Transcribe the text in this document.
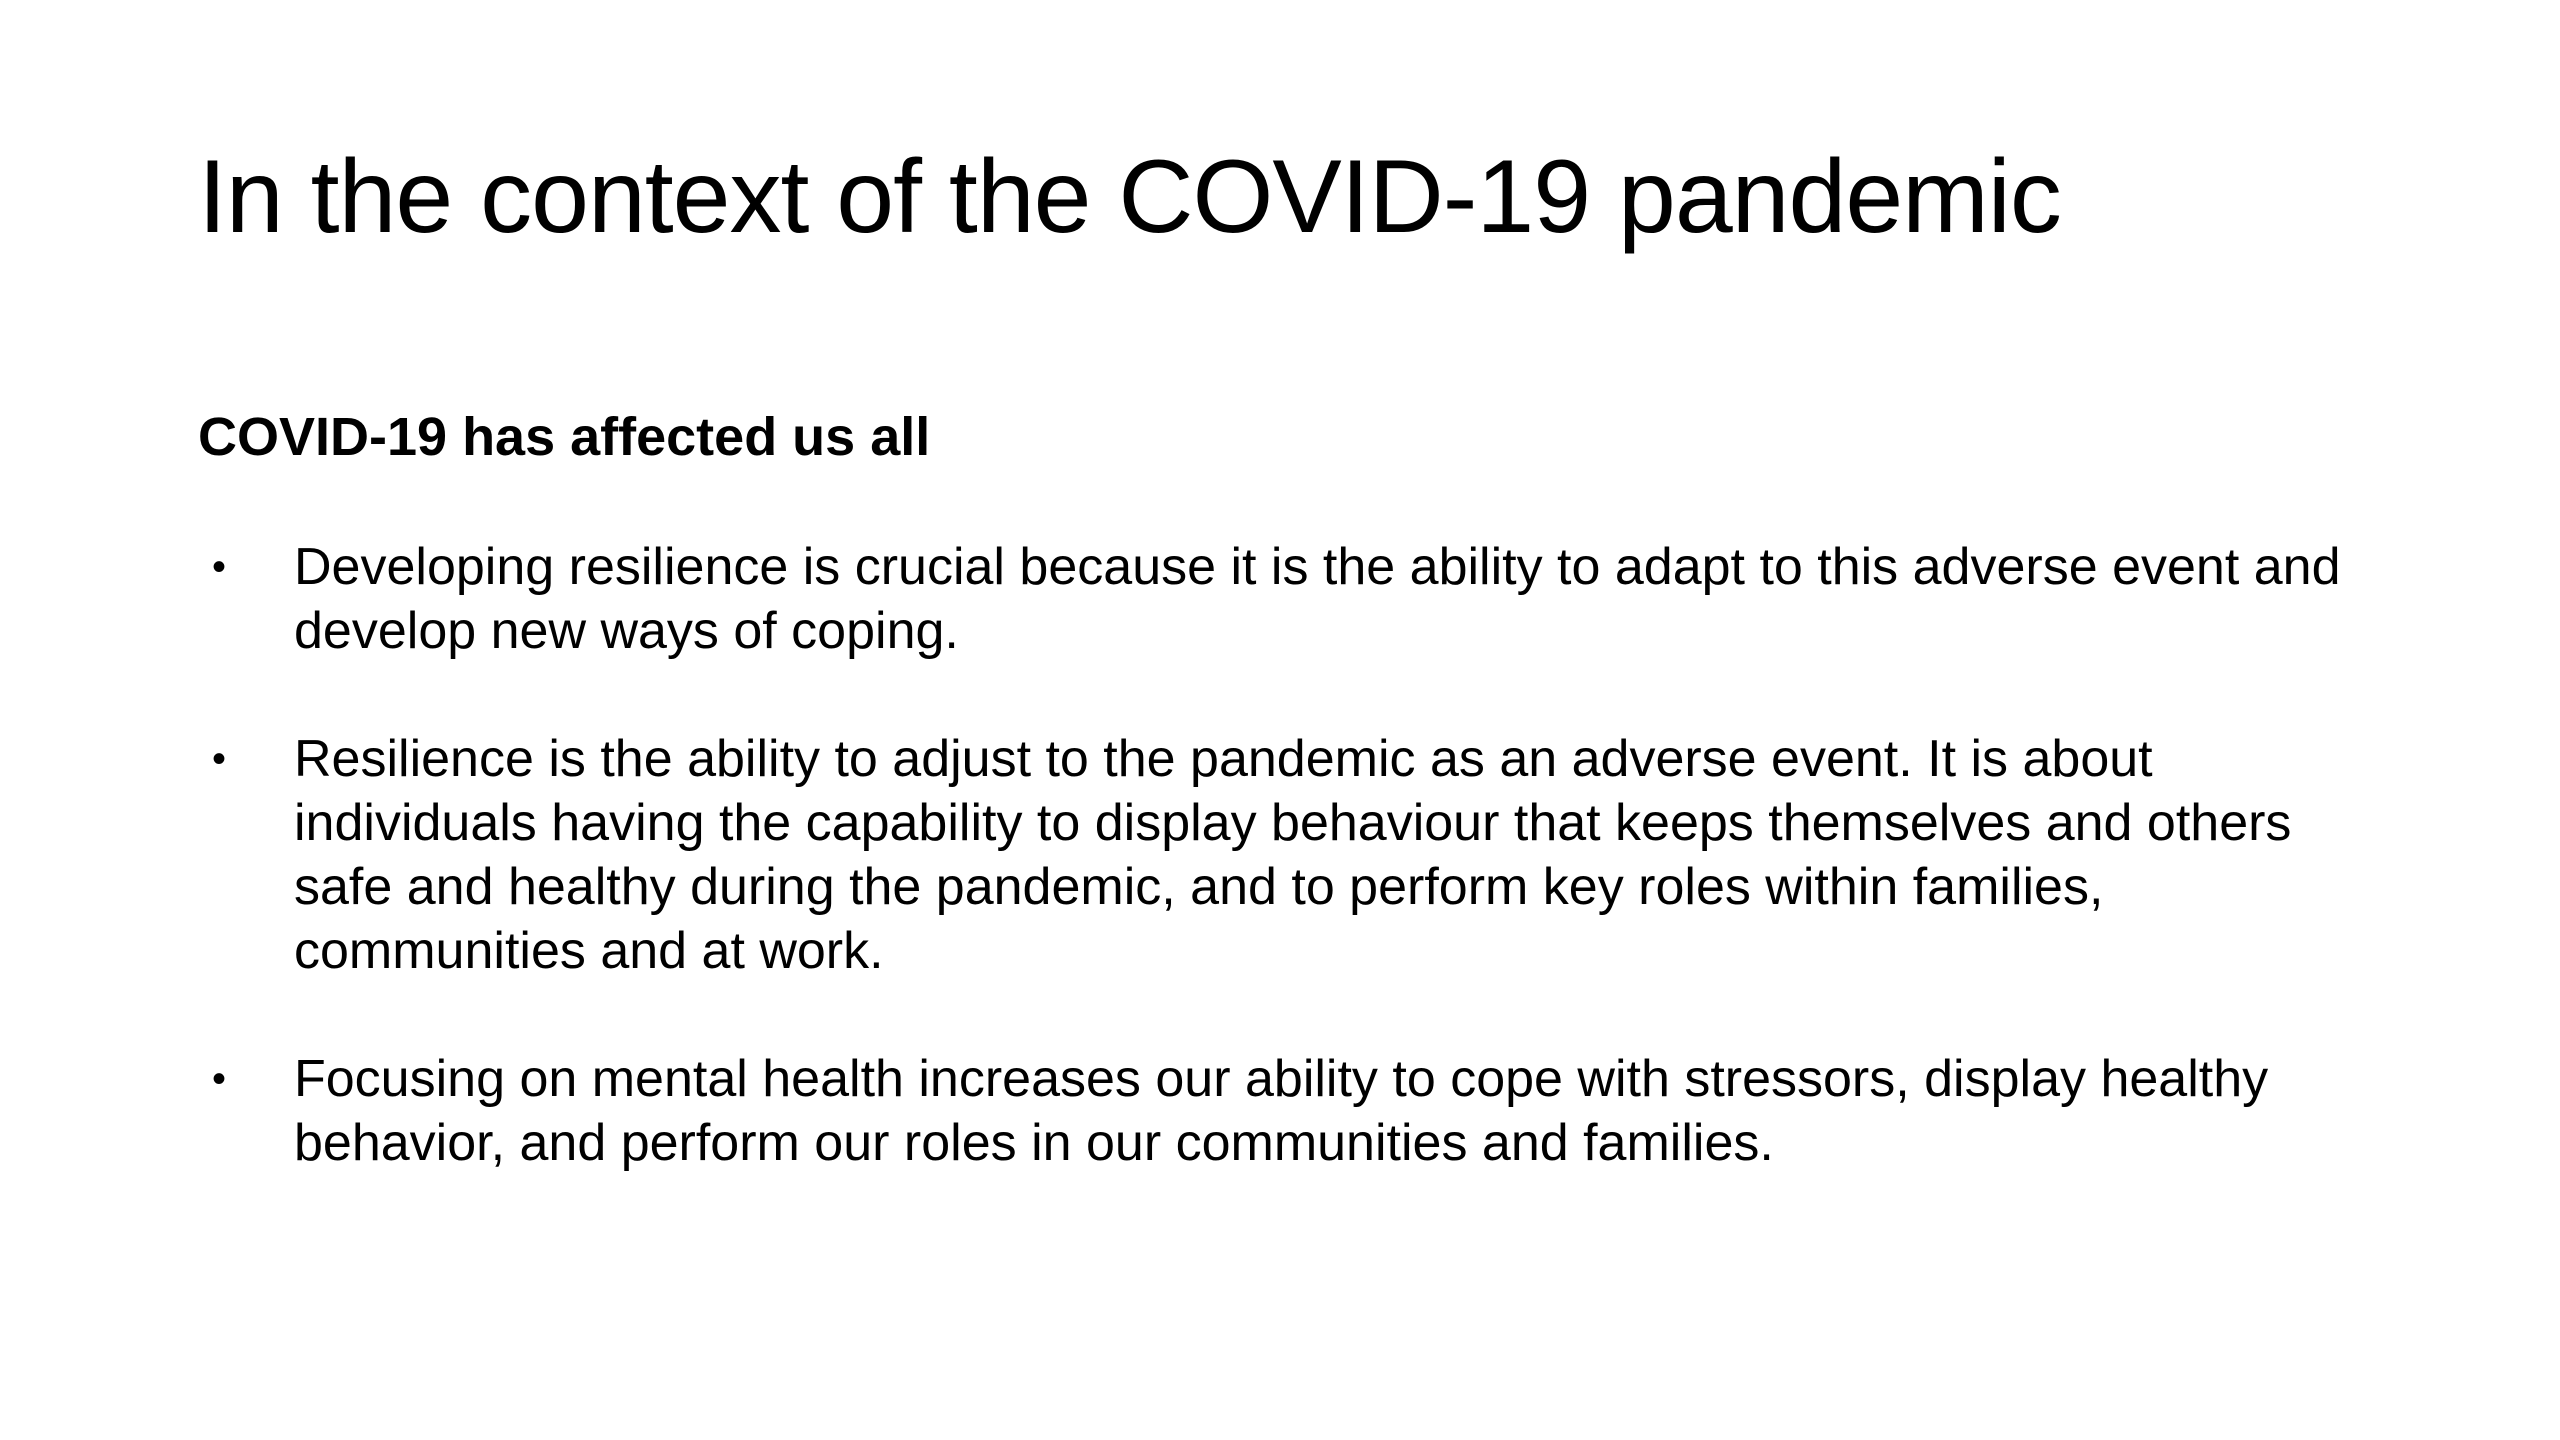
In the context of the COVID-19 pandemic
COVID-19 has affected us all
• Developing resilience is crucial because it is the ability to adapt to this adverse event and develop new ways of coping.
• Resilience is the ability to adjust to the pandemic as an adverse event. It is about individuals having the capability to display behaviour that keeps themselves and others safe and healthy during the pandemic, and to perform key roles within families, communities and at work.
• Focusing on mental health increases our ability to cope with stressors, display healthy behavior, and perform our roles in our communities and families.
